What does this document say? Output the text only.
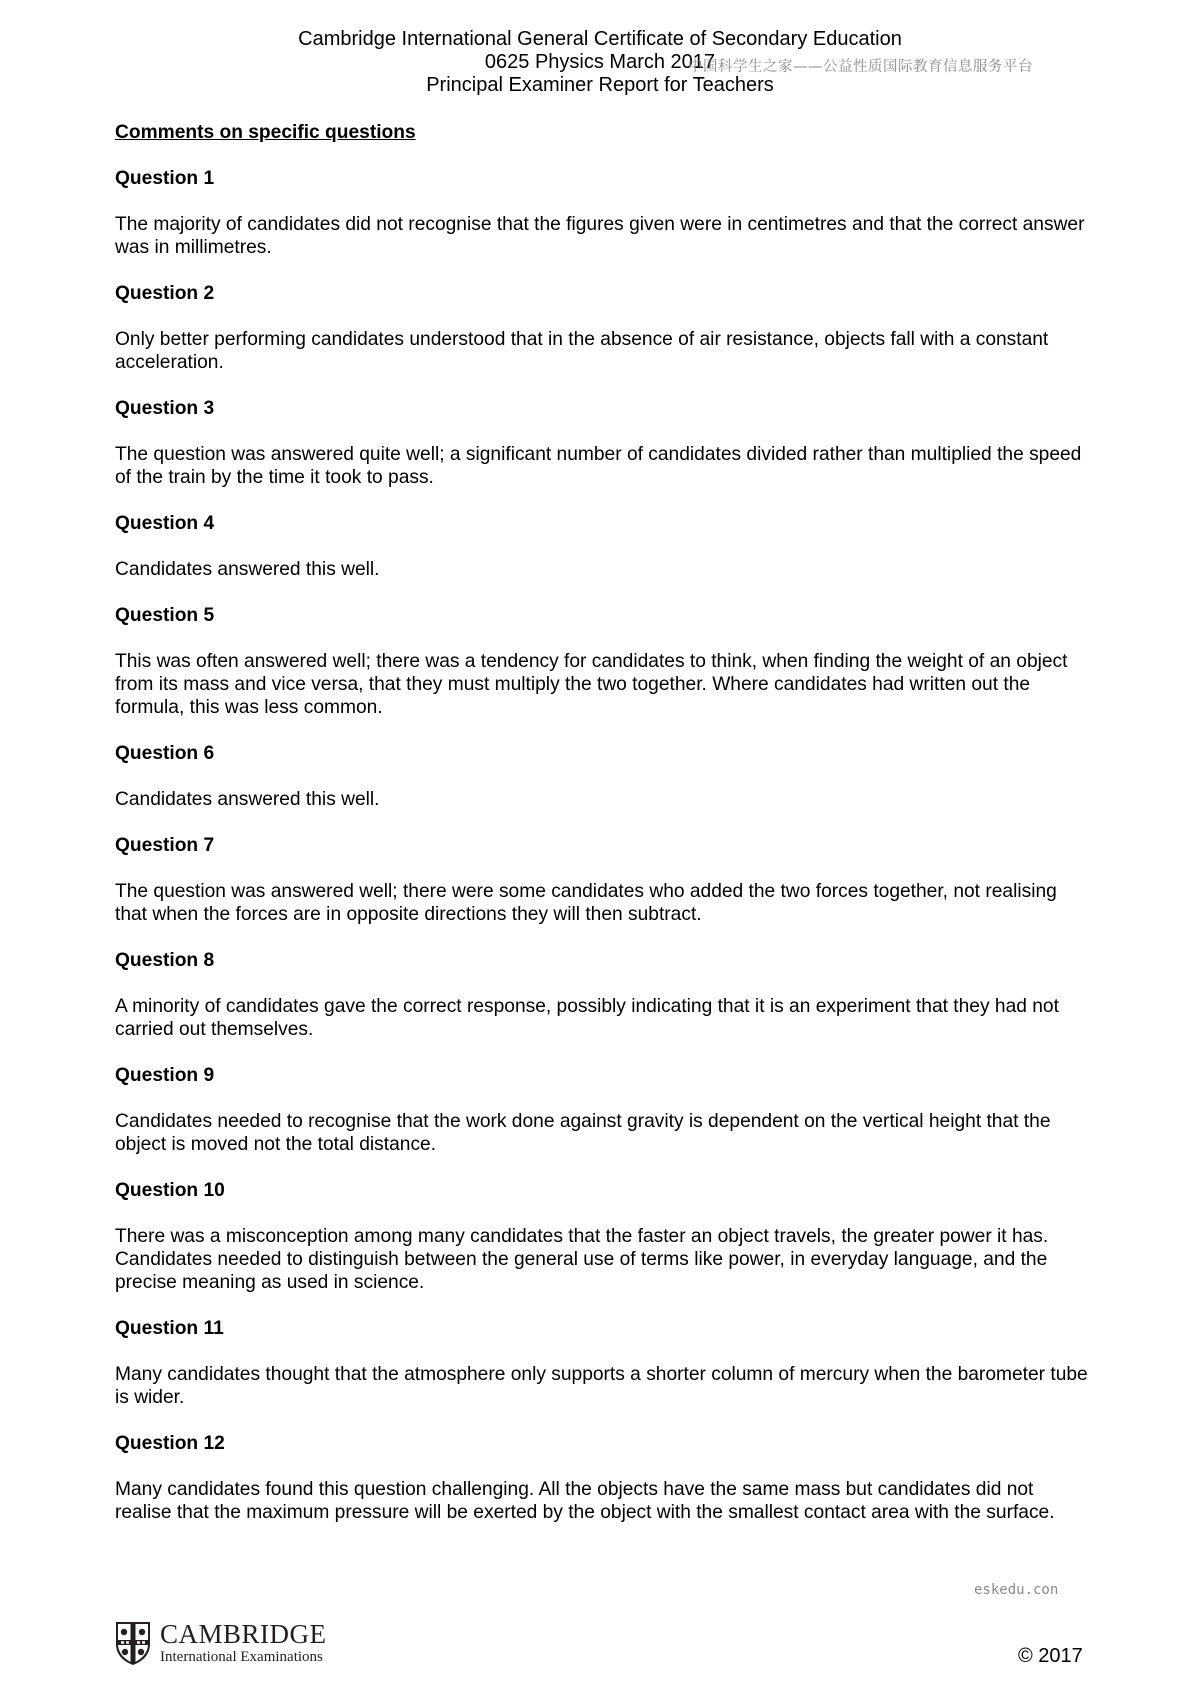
Cambridge International General Certificate of Secondary Education
0625 Physics March 2017
Principal Examiner Report for Teachers
中国科学生之家——公益性质国际教育信息服务平台
Comments on specific questions
Question 1
The majority of candidates did not recognise that the figures given were in centimetres and that the correct answer was in millimetres.
Question 2
Only better performing candidates understood that in the absence of air resistance, objects fall with a constant acceleration.
Question 3
The question was answered quite well; a significant number of candidates divided rather than multiplied the speed of the train by the time it took to pass.
Question 4
Candidates answered this well.
Question 5
This was often answered well; there was a tendency for candidates to think, when finding the weight of an object from its mass and vice versa, that they must multiply the two together. Where candidates had written out the formula, this was less common.
Question 6
Candidates answered this well.
Question 7
The question was answered well; there were some candidates who added the two forces together, not realising that when the forces are in opposite directions they will then subtract.
Question 8
A minority of candidates gave the correct response, possibly indicating that it is an experiment that they had not carried out themselves.
Question 9
Candidates needed to recognise that the work done against gravity is dependent on the vertical height that the object is moved not the total distance.
Question 10
There was a misconception among many candidates that the faster an object travels, the greater power it has. Candidates needed to distinguish between the general use of terms like power, in everyday language, and the precise meaning as used in science.
Question 11
Many candidates thought that the atmosphere only supports a shorter column of mercury when the barometer tube is wider.
Question 12
Many candidates found this question challenging. All the objects have the same mass but candidates did not realise that the maximum pressure will be exerted by the object with the smallest contact area with the surface.
eskedu.con
CAMBRIDGE
International Examinations	© 2017
